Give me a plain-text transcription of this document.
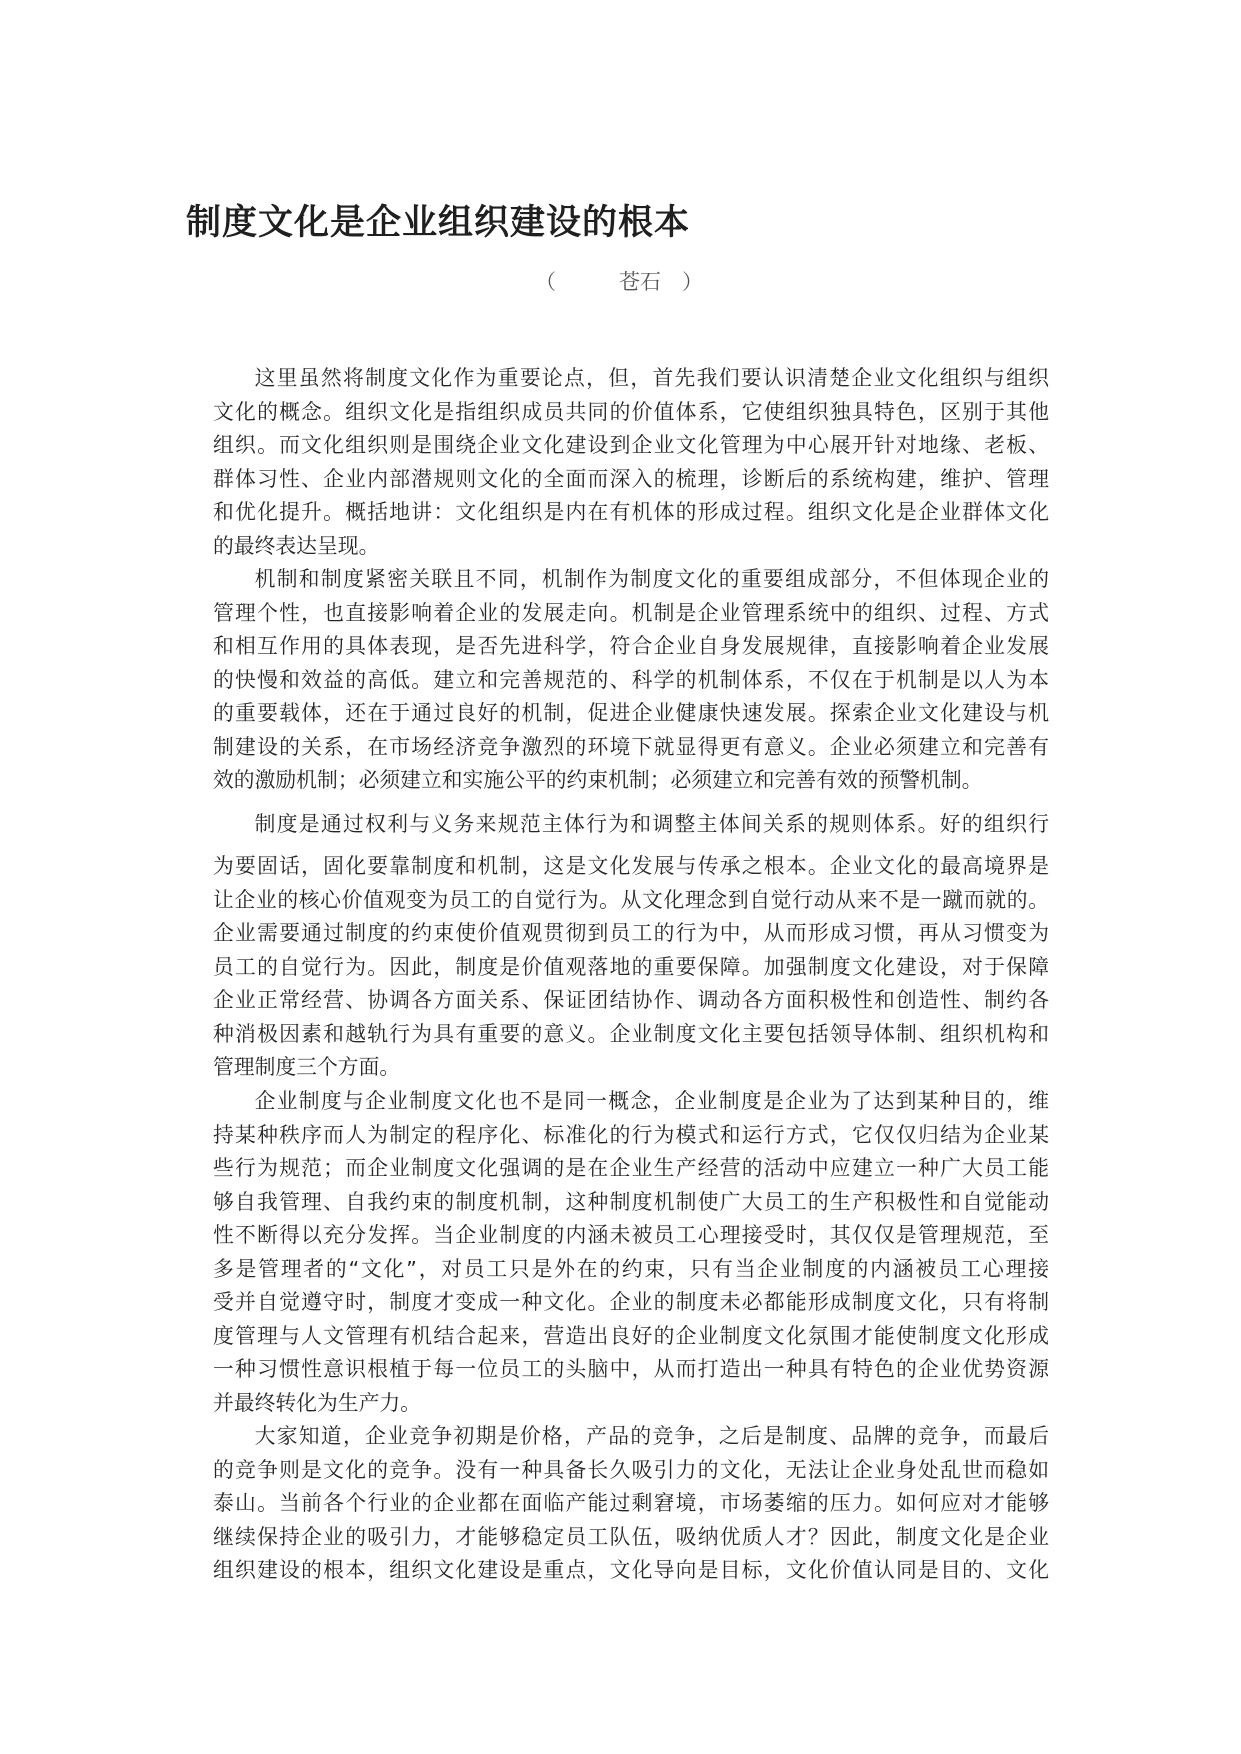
制度文化是企业组织建设的根本
（　　　苍石　）
这里虽然将制度文化作为重要论点，但，首先我们要认识清楚企业文化组织与组织
文化的概念。组织文化是指组织成员共同的价值体系，它使组织独具特色，区别于其他
组织。而文化组织则是围绕企业文化建设到企业文化管理为中心展开针对地缘、老板、
群体习性、企业内部潜规则文化的全面而深入的梳理，诊断后的系统构建，维护、管理
和优化提升。概括地讲：文化组织是内在有机体的形成过程。组织文化是企业群体文化
的最终表达呈现。
机制和制度紧密关联且不同，机制作为制度文化的重要组成部分，不但体现企业的
管理个性，也直接影响着企业的发展走向。机制是企业管理系统中的组织、过程、方式
和相互作用的具体表现，是否先进科学，符合企业自身发展规律，直接影响着企业发展
的快慢和效益的高低。建立和完善规范的、科学的机制体系，不仅在于机制是以人为本
的重要载体，还在于通过良好的机制，促进企业健康快速发展。探索企业文化建设与机
制建设的关系，在市场经济竞争激烈的环境下就显得更有意义。企业必须建立和完善有
效的激励机制；必须建立和实施公平的约束机制；必须建立和完善有效的预警机制。
制度是通过权利与义务来规范主体行为和调整主体间关系的规则体系。好的组织行
为要固话，固化要靠制度和机制，这是文化发展与传承之根本。企业文化的最高境界是
让企业的核心价值观变为员工的自觉行为。从文化理念到自觉行动从来不是一蹴而就的。
企业需要通过制度的约束使价值观贯彻到员工的行为中，从而形成习惯，再从习惯变为
员工的自觉行为。因此，制度是价值观落地的重要保障。加强制度文化建设，对于保障
企业正常经营、协调各方面关系、保证团结协作、调动各方面积极性和创造性、制约各
种消极因素和越轨行为具有重要的意义。企业制度文化主要包括领导体制、组织机构和
管理制度三个方面。
企业制度与企业制度文化也不是同一概念，企业制度是企业为了达到某种目的，维
持某种秩序而人为制定的程序化、标准化的行为模式和运行方式，它仅仅归结为企业某
些行为规范；而企业制度文化强调的是在企业生产经营的活动中应建立一种广大员工能
够自我管理、自我约束的制度机制，这种制度机制使广大员工的生产积极性和自觉能动
性不断得以充分发挥。当企业制度的内涵未被员工心理接受时，其仅仅是管理规范，至
多是管理者的“文化”，对员工只是外在的约束，只有当企业制度的内涵被员工心理接
受并自觉遵守时，制度才变成一种文化。企业的制度未必都能形成制度文化，只有将制
度管理与人文管理有机结合起来，营造出良好的企业制度文化氛围才能使制度文化形成
一种习惯性意识根植于每一位员工的头脑中，从而打造出一种具有特色的企业优势资源
并最终转化为生产力。
大家知道，企业竞争初期是价格，产品的竞争，之后是制度、品牌的竞争，而最后
的竞争则是文化的竞争。没有一种具备长久吸引力的文化，无法让企业身处乱世而稳如
泰山。当前各个行业的企业都在面临产能过剩窘境，市场萎缩的压力。如何应对才能够
继续保持企业的吸引力，才能够稳定员工队伍，吸纳优质人才？因此，制度文化是企业
组织建设的根本，组织文化建设是重点，文化导向是目标，文化价值认同是目的、文化
